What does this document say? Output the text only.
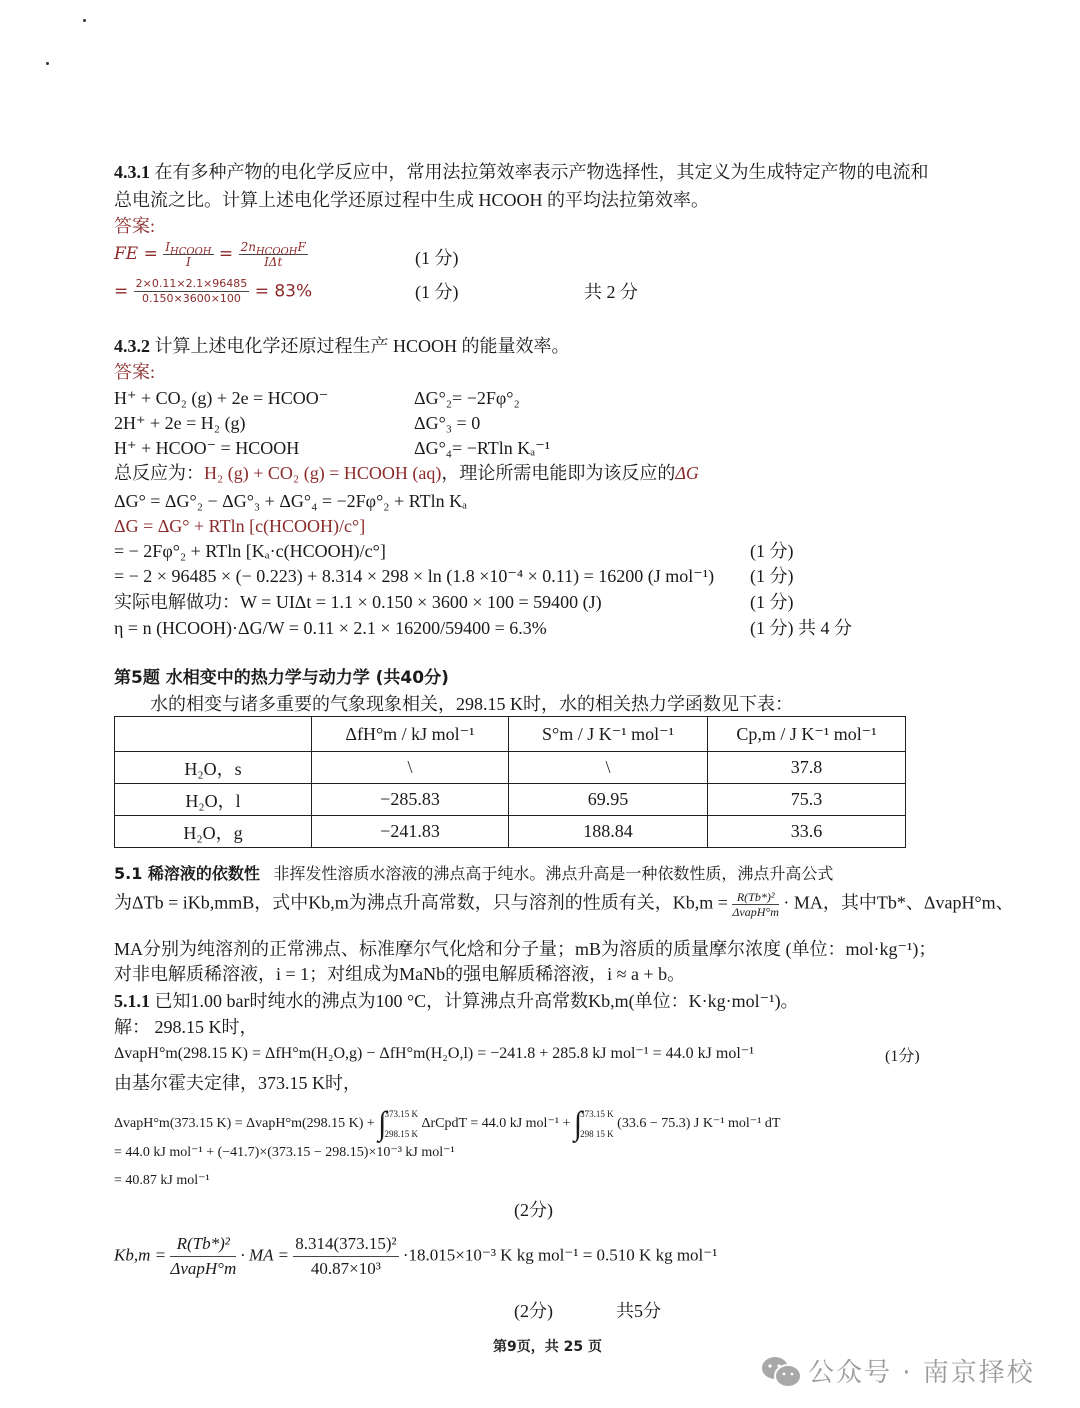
4.3.1 在有多种产物的电化学反应中，常用法拉第效率表示产物选择性，其定义为生成特定产物的电流和
总电流之比。计算上述电化学还原过程中生成 HCOOH 的平均法拉第效率。
答案:
FE = $\frac{I_{HCOOH}}{I} = \frac{2n_{HCOOH}F}{\text{IΔt}}$	(1 分)
= $\frac{2\times 0.11\times 2.1\times 96485}{0.150\times 3600\times 100} = 83\%$	(1 分)	共 2 分
4.3.2 计算上述电化学还原过程生产 HCOOH 的能量效率。
答案:
H⁺ + CO₂ (g) + 2e = HCOO⁻	ΔG°₂= −2Fφ°₂
2H⁺ + 2e = H₂ (g)	ΔG°₃ = 0
H⁺ + HCOO⁻ = HCOOH	ΔG°₄= −RTln Kₐ⁻¹
总反应为：H₂ (g) + CO₂ (g) = HCOOH (aq)，理论所需电能即为该反应的ΔG
ΔG° = ΔG°₂ − ΔG°₃ + ΔG°₄ = −2Fφ°₂ + RTln Kₐ
ΔG = ΔG° + RTln [c(HCOOH)/c°]
= − 2Fφ°₂ + RTln [Kₐ·c(HCOOH)/c°]	(1 分)
= − 2 × 96485 × (− 0.223) + 8.314 × 298 × ln (1.8 ×10⁻⁴ × 0.11) = 16200 (J mol⁻¹) (1 分)
实际电解做功：W = UIΔt = 1.1 × 0.150 × 3600 × 100 = 59400 (J)	(1 分)
η = n (HCOOH)·ΔG/W = 0.11 × 2.1 × 16200/59400 = 6.3%	(1 分) 共 4 分
第5题 水相变中的热力学与动力学 (共40分)
水的相变与诸多重要的气象现象相关，298.15 K时，水的相关热力学函数见下表：
	ΔfH°m / kJ mol⁻¹	S°m / J K⁻¹ mol⁻¹	Cp,m / J K⁻¹ mol⁻¹
H₂O，s	\	\	37.8
H₂O，l	−285.83	69.95	75.3
H₂O，g	−241.83	188.84	33.6
5.1 稀溶液的依数性 非挥发性溶质水溶液的沸点高于纯水。沸点升高是一种依数性质，沸点升高公式
为ΔTb = iKb,mmB，式中Kb,m为沸点升高常数，只与溶剂的性质有关，$Kb,m = \frac{\text{R(Tb*)²}}{\text{ΔvapH°m}}$ · MA，其中Tb*、ΔvapH°m、
MA分别为纯溶剂的正常沸点、标准摩尔气化焓和分子量；mB为溶质的质量摩尔浓度 (单位：mol·kg⁻¹)；
对非电解质稀溶液，i = 1；对组成为MaNb的强电解质稀溶液，i ≈ a + b。
5.1.1 已知1.00 bar时纯水的沸点为100 °C，计算沸点升高常数Kb,m(单位：K·kg·mol⁻¹)。
解： 298.15 K时，
ΔvapH°m(298.15 K) = ΔfH°m(H₂O,g) − ΔfH°m(H₂O,l) = −241.8 + 285.8 kJ mol⁻¹ = 44.0 kJ mol⁻¹	(1分)
由基尔霍夫定律，373.15 K时，
ΔvapH°m(373.15 K) = ΔvapH°m(298.15 K) + ∫
373.15 K
298.15 K
ΔrCpdT = 44.0 kJ mol⁻¹ + ∫
373.15 K
298 15 K
(33.6 − 75.3) J K⁻¹ mol⁻¹ dT
= 44.0 kJ mol⁻¹ + (−41.7)×(373.15 − 298.15)×10⁻³ kJ mol⁻¹
= 40.87 kJ mol⁻¹
(2分)
$Kb,m = \frac{\text{R(Tb*)²}}{\text{ΔvapH°m}}$ · MA = $\frac{\text{8.314(373.15)²}}{\text{40.87×10³}} \cdot 18.015\times 10^{-3}$ K kg mol⁻¹ = 0.510 K kg mol⁻¹
(2分)	共5分
第9页，共 25 页
公众号 · 南京择校
